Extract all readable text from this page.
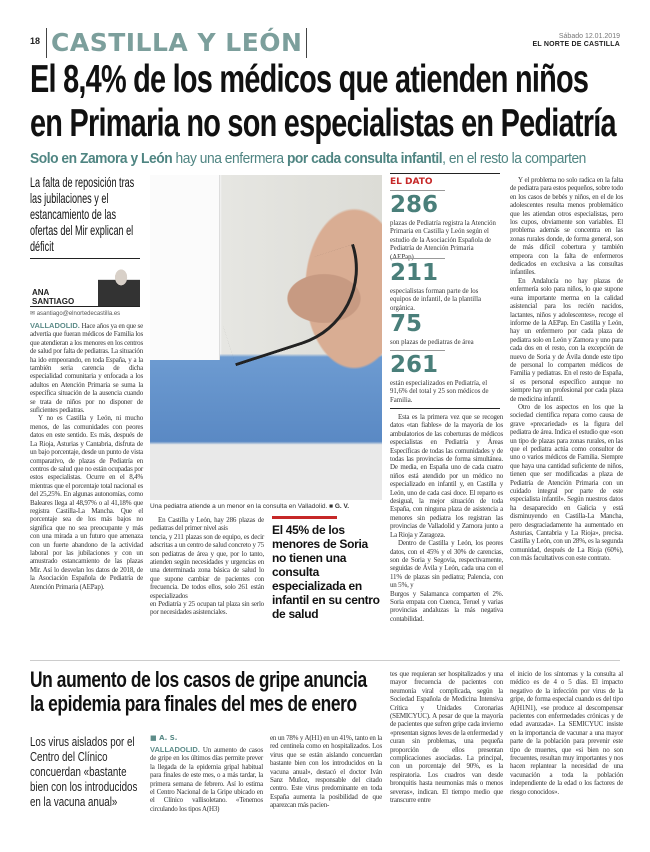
18 CASTILLA Y LEÓN	Sábado 12.01.2019
EL NORTE DE CASTILLA
El 8,4% de los médicos que atienden niños
en Primaria no son especialistas en Pediatría
Solo en Zamora y León hay una enfermera por cada consulta infantil, en el resto la comparten
La falta de reposición tras las jubilaciones y el estancamiento de las ofertas del Mir explican el déficit
ANA
SANTIAGO
✉ asantiago@elnortedecastilla.es

VALLADOLID. Hace años ya en que se advertía que fueran médicos de Familia los que atendieran a los menores en los centros de salud por falta de pediatras. La situación ha ido empeorando, en toda España, y a la también seria carencia de dicha especialidad comunitaria y enfocada a los adultos en Atención Primaria se suma la específica situación de la ausencia cuando se trata de niños por no disponer de suficientes pediatras.

Y no es Castilla y León, ni mucho menos, de las comunidades con peores datos en este sentido. Es más, después de La Rioja, Asturias y Cantabria, disfruta de un bajo porcentaje, desde un punto de vista comparativo, de plazas de Pediatría en centros de salud que no están ocupadas por estos especialistas. Ocurre en el 8,4% mientras que el porcentaje total nacional es del 25,25%. En algunas autonomías, como Baleares llega al 48,97% o al 41,18% que registra Castilla-La Mancha. Que el porcentaje sea de los más bajos no significa que no sea preocupante y más con una mirada a un futuro que amenaza con un fuerte abandono de la actividad laboral por las jubilaciones y con un amustrado estancamiento de las plazas Mir. Así lo desvelan los datos de 2018, de la Asociación Española de Pediatría de Atención Primaria (AEPap).

Una pediatra atiende a un menor en la consulta en Valladolid. ■ G. V.

En Castilla y León, hay 286 plazas de pediatras del primer nivel asis

tencia, y 211 plazas son de equipo, es decir adscritas a un centro de salud concreto y 75 son pediatras de área y que, por lo tanto, atienden según necesidades y urgencias en una determinada zona básica de salud lo que supone cambiar de pacientes con frecuencia. De todos ellos, solo 261 están especializados

en Pediatría y 25 ocupan tal plaza sin serlo por necesidades asistenciales.

El 45% de los menores de Soria no tienen una consulta especializada en infantil en su centro de salud
EL DATO
286
plazas de Pediatría registra la Atención Primaria en Castilla y León según el estudio de la Asociación Española de Pediatría de Atención Primaria (AEPap).
211
especialistas forman parte de los equipos de infantil, de la plantilla orgánica.
75
son plazas de pediatras de área
261
están especializados en Pediatría, el 91,6% del total y 25 son médicos de Familia.

Esta es la primera vez que se recogen datos «tan fiables» de la mayoría de los ambulatorios de las coberturas de médicos especialistas en Pediatría y Áreas Específicas de todas las comunidades y de todas las provincias de forma simultánea. De media, en España uno de cada cuatro niños está atendido por un médico no especializado en infantil y, en Castilla y León, uno de cada casi doce. El reparto es desigual, la mejor situación de toda España, con ninguna plaza de asistencia a menores sin pediatra los registran las provincias de Valladolid y Zamora junto a La Rioja y Zaragoza.

Dentro de Castilla y León, los peores datos, con el 45% y el 30% de carencias, son de Soria y Segovia, respectivamente, seguidas de Ávila y León, cada una con el 11% de plazas sin pediatra; Palencia, con un 5%, y

Burgos y Salamanca comparten el 2%. Soria empata con Cuenca, Teruel y varias provincias andaluzas la más negativa contabilidad.

Y el problema no solo radica en la falta de pediatra para estos pequeños, sobre todo en los casos de bebés y niños, en el de los adolescentes resulta menos problemático que les atiendan otros especialistas, pero los cupos, obviamente son variables. El problema además se concentra en las zonas rurales donde, de forma general, son de más difícil cobertura y también empeora con la falta de enfermeros dedicados en exclusiva a las consultas infantiles.

En Andalucía no hay plazas de enfermería solo para niños, lo que supone «una importante merma en la calidad asistencial para los recién nacidos, lactantes, niños y adolescentes», recoge el informe de la AEPap. En Castilla y León, hay un enfermero por cada plaza de pediatra solo en León y Zamora y uno para cada dos en el resto, con la excepción de nuevo de Soria y de Ávila donde este tipo de personal lo comparten médicos de Familia y pediatras. En el resto de España, sí es personal específico aunque no siempre hay un profesional por cada plaza de medicina infantil.

Otro de los aspectos en los que la sociedad científica repara como causa de grave «precariedad» es la figura del pediatra de área. Indica el estudio que «son un tipo de plazas para zonas rurales, en las que el pediatra actúa como consultor de uno o varios médicos de Familia. Siempre que haya una cantidad suficiente de niños, tienen que ser modificadas a plaza de Pediatría de Atención Primaria con un cuidado integral por parte de este especialista infantil». Según nuestros datos ha desaparecido en Galicia y está disminuyendo en Castilla-La Mancha, pero desgraciadamente ha aumentado en Asturias, Cantabria y La Rioja», precisa. Castilla y León, con un 28%, es la segunda comunidad, después de La Rioja (60%), con más facultativos con este contrato.

Un aumento de los casos de gripe anuncia
la epidemia para finales del mes de enero
Los virus aislados por el Centro del Clínico concuerdan «bastante bien con los introducidos en la vacuna anual»
■ A. S.

VALLADOLID. Un aumento de casos de gripe en los últimos días permite prever la llegada de la epidemia gripal habitual para finales de este mes, o a más tardar, la primera semana de febrero. Así lo estima el Centro Nacional de la Gripe ubicado en el Clínico vallisoletano. «Tenemos circulando los tipos A(H3)

en un 78% y A(H1) en un 41%, tanto en la red centinela como en hospitalizados. Los virus que se están aislando concuerdan bastante bien con los introducidos en la vacuna anual», destacó el doctor Iván Sanz Muñoz, responsable del citado centro. Este virus predominante en toda España aumenta la posibilidad de que aparezcan más pacien-

tes que requieran ser hospitalizados y una mayor frecuencia de pacientes con neumonía viral complicada, según la Sociedad Española de Medicina Intensiva Crítica y Unidades Coronarias (SEMICYUC). A pesar de que la mayoría de pacientes que sufren gripe cada invierno «presentan signos leves de la enfermedad y curan sin problemas, una pequeña proporción de ellos presentan complicaciones asociadas. La principal, con un porcentaje del 90%, es la respiratoria. Los cuadros van desde bronquitis hasta neumonías más o menos severas», indican. El tiempo medio que transcurre entre

el inicio de los síntomas y la consulta al médico es de 4 o 5 días. El impacto negativo de la infección por virus de la gripe, de forma especial cuando es del tipo A(H1N1), «se produce al descompensar pacientes con enfermedades crónicas y de edad avanzada». La SEMICYUC insiste en la importancia de vacunar a una mayor parte de la población para prevenir este tipo de muertes, que «si bien no son frecuentes, resultan muy importantes y nos hacen replantear la necesidad de una vacunación a toda la población independiente de la edad o los factores de riesgo conocidos».
